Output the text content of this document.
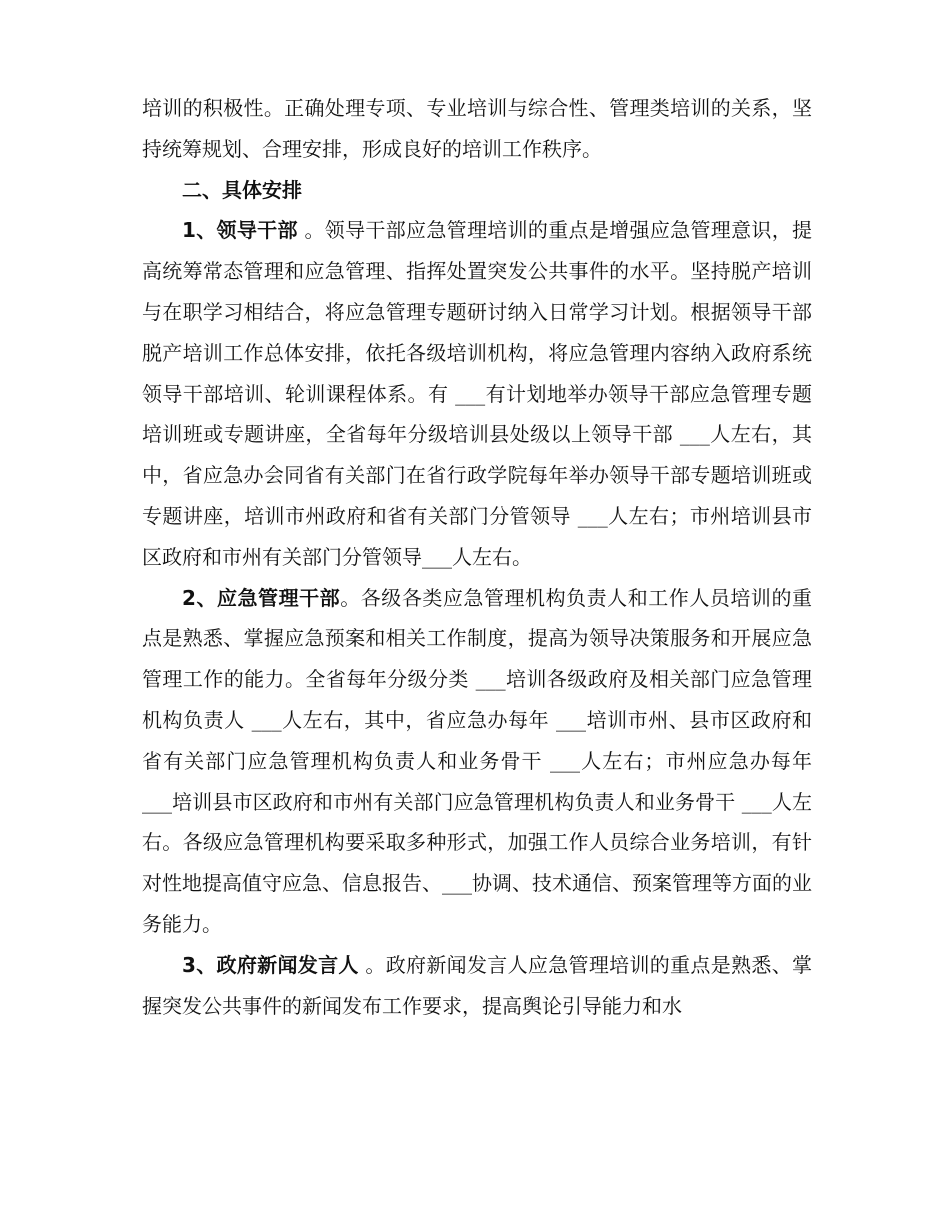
培训的积极性。正确处理专项、专业培训与综合性、管理类培训的关系，坚持统筹规划、合理安排，形成良好的培训工作秩序。

二、具体安排

1、领导干部 。领导干部应急管理培训的重点是增强应急管理意识，提高统筹常态管理和应急管理、指挥处置突发公共事件的水平。坚持脱产培训与在职学习相结合，将应急管理专题研讨纳入日常学习计划。根据领导干部脱产培训工作总体安排，依托各级培训机构，将应急管理内容纳入政府系统领导干部培训、轮训课程体系。有 ___有计划地举办领导干部应急管理专题培训班或专题讲座，全省每年分级培训县处级以上领导干部 ___人左右，其中，省应急办会同省有关部门在省行政学院每年举办领导干部专题培训班或专题讲座，培训市州政府和省有关部门分管领导 ___人左右；市州培训县市区政府和市州有关部门分管领导___人左右。

2、应急管理干部。各级各类应急管理机构负责人和工作人员培训的重点是熟悉、掌握应急预案和相关工作制度，提高为领导决策服务和开展应急管理工作的能力。全省每年分级分类 ___培训各级政府及相关部门应急管理机构负责人 ___人左右，其中，省应急办每年 ___培训市州、县市区政府和省有关部门应急管理机构负责人和业务骨干 ___人左右；市州应急办每年 ___培训县市区政府和市州有关部门应急管理机构负责人和业务骨干 ___人左右。各级应急管理机构要采取多种形式，加强工作人员综合业务培训，有针对性地提高值守应急、信息报告、___协调、技术通信、预案管理等方面的业务能力。

3、政府新闻发言人 。政府新闻发言人应急管理培训的重点是熟悉、掌握突发公共事件的新闻发布工作要求，提高舆论引导能力和水
